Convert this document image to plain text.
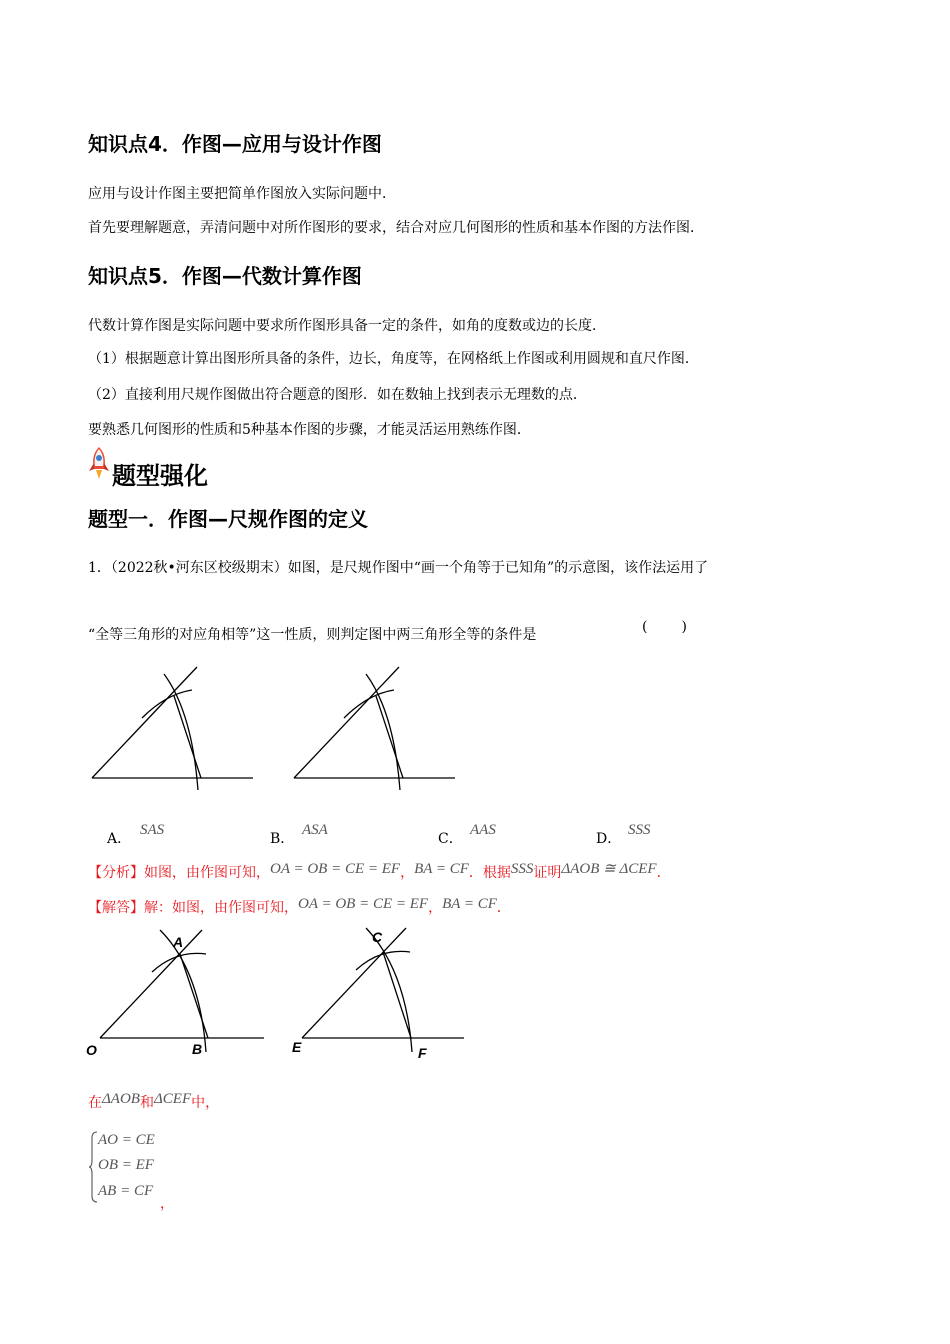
知识点4．作图—应用与设计作图
应用与设计作图主要把简单作图放入实际问题中．
首先要理解题意，弄清问题中对所作图形的要求，结合对应几何图形的性质和基本作图的方法作图．
知识点5．作图—代数计算作图
代数计算作图是实际问题中要求所作图形具备一定的条件，如角的度数或边的长度．
（1）根据题意计算出图形所具备的条件，边长，角度等，在网格纸上作图或利用圆规和直尺作图．
（2）直接利用尺规作图做出符合题意的图形．如在数轴上找到表示无理数的点．
要熟悉几何图形的性质和5种基本作图的步骤，才能灵活运用熟练作图．
题型强化
题型一．作图—尺规作图的定义
1．（2022秋•河东区校级期末）如图，是尺规作图中“画一个角等于已知角”的示意图，该作法运用了
“全等三角形的对应角相等”这一性质，则判定图中两三角形全等的条件是	(　　)
A．
SAS
B．
ASA
C．
AAS
D．
SSS
【分析】如图，由作图可知，OA = OB = CE = EF，BA = CF．根据SSS证明ΔAOB ≅ ΔCEF．
【解答】解：如图，由作图可知，OA = OB = CE = EF，BA = CF．
A
O	B
C
E	F
在ΔAOB和ΔCEF中，
AO = CE
OB = EF
AB = CF
，
